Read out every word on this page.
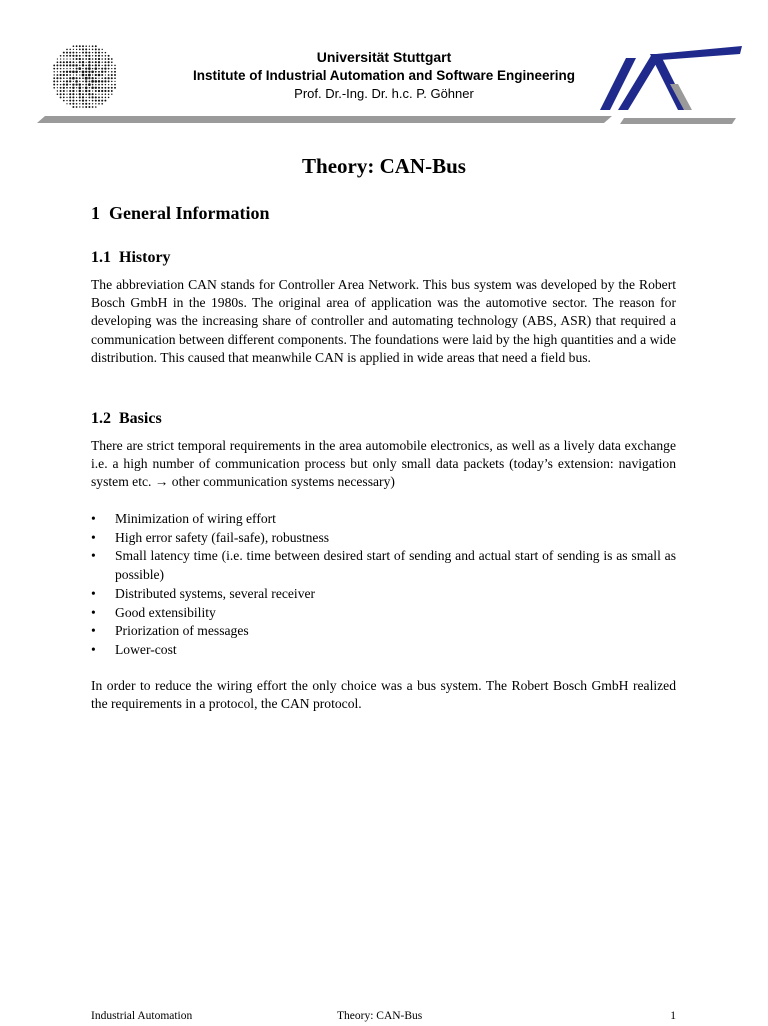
Universität Stuttgart
Institute of Industrial Automation and Software Engineering
Prof. Dr.-Ing. Dr. h.c. P. Göhner
Theory: CAN-Bus
1 General Information
1.1 History

The abbreviation CAN stands for Controller Area Network. This bus system was developed by the Robert Bosch GmbH in the 1980s. The original area of application was the automotive sector. The reason for developing was the increasing share of controller and automating technology (ABS, ASR) that required a communication between different components. The foundations were laid by the high quantities and a wide distribution. This caused that meanwhile CAN is applied in wide areas that need a field bus.

1.2 Basics

There are strict temporal requirements in the area automobile electronics, as well as a lively data exchange i.e. a high number of communication process but only small data packets (today’s extension: navigation system etc. → other communication systems necessary)

• Minimization of wiring effort
• High error safety (fail-safe), robustness
• Small latency time (i.e. time between desired start of sending and actual start of sending is as small as possible)
• Distributed systems, several receiver
• Good extensibility
• Priorization of messages
• Lower-cost

In order to reduce the wiring effort the only choice was a bus system. The Robert Bosch GmbH realized the requirements in a protocol, the CAN protocol.

Industrial Automation	Theory: CAN-Bus	1
